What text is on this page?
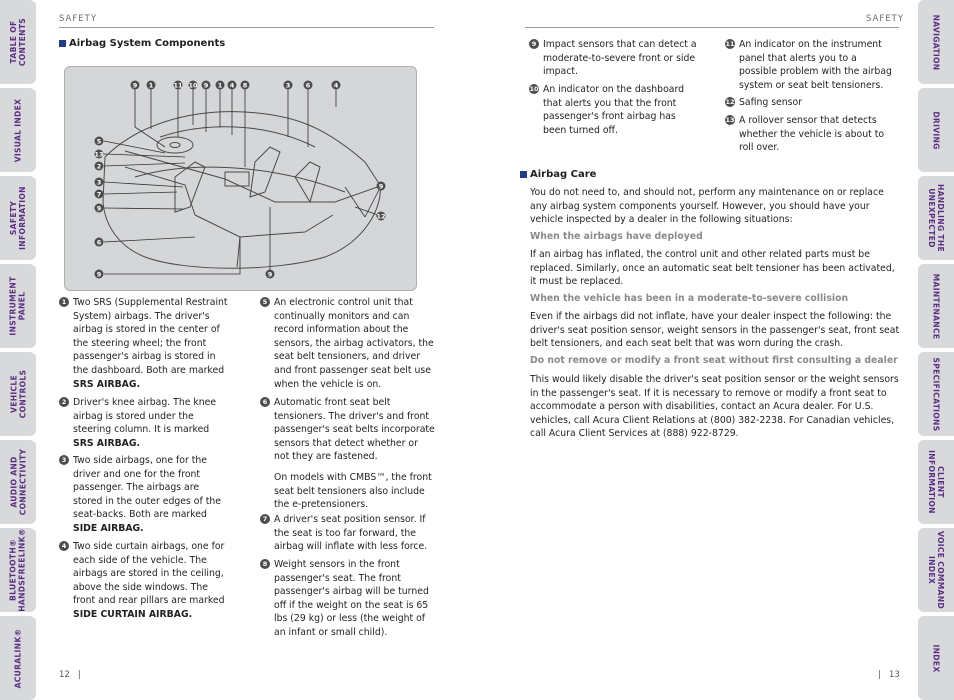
TABLE OF
CONTENTS
VISUAL INDEX
SAFETY
INFORMATION
INSTRUMENT
PANEL
VEHICLE
CONTROLS
AUDIO AND
CONNECTIVITY
BLUETOOTH®
HANDSFREELINK®
ACURALINK®
NAVIGATION
DRIVING
HANDLING THE
UNEXPECTED
MAINTENANCE
SPECIFICATIONS
CLIENT
INFORMATION
VOICE COMMAND
INDEX
INDEX
SAFETY
Airbag System Components
9 1	11 10 9 1 4 8	3 6	4
5
13
2
3
7
9
6
9
9
12
9
1 Two SRS (Supplemental Restraint System) airbags. The driver's airbag is stored in the center of the steering wheel; the front passenger's airbag is stored in the dashboard. Both are marked SRS AIRBAG.
2 Driver's knee airbag. The knee airbag is stored under the steering column. It is marked SRS AIRBAG.
3 Two side airbags, one for the driver and one for the front passenger. The airbags are stored in the outer edges of the seat-backs. Both are marked SIDE AIRBAG.
4 Two side curtain airbags, one for each side of the vehicle. The airbags are stored in the ceiling, above the side windows. The front and rear pillars are marked SIDE CURTAIN AIRBAG.
5 An electronic control unit that continually monitors and can record information about the sensors, the airbag activators, the seat belt tensioners, and driver and front passenger seat belt use when the vehicle is on.
6 Automatic front seat belt tensioners. The driver's and front passenger's seat belts incorporate sensors that detect whether or not they are fastened.
On models with CMBS™, the front seat belt tensioners also include the e-pretensioners.
7 A driver's seat position sensor. If the seat is too far forward, the airbag will inflate with less force.
8 Weight sensors in the front passenger's seat. The front passenger's airbag will be turned off if the weight on the seat is 65 lbs (29 kg) or less (the weight of an infant or small child).
12   |
SAFETY
9 Impact sensors that can detect a moderate-to-severe front or side impact.
10 An indicator on the dashboard that alerts you that the front passenger's front airbag has been turned off.
11 An indicator on the instrument panel that alerts you to a possible problem with the airbag system or seat belt tensioners.
12 Safing sensor
13 A rollover sensor that detects whether the vehicle is about to roll over.
Airbag Care
You do not need to, and should not, perform any maintenance on or replace any airbag system components yourself. However, you should have your vehicle inspected by a dealer in the following situations:
When the airbags have deployed
If an airbag has inflated, the control unit and other related parts must be replaced. Similarly, once an automatic seat belt tensioner has been activated, it must be replaced.
When the vehicle has been in a moderate-to-severe collision
Even if the airbags did not inflate, have your dealer inspect the following: the driver's seat position sensor, weight sensors in the passenger's seat, front seat belt tensioners, and each seat belt that was worn during the crash.
Do not remove or modify a front seat without first consulting a dealer
This would likely disable the driver's seat position sensor or the weight sensors in the passenger's seat. If it is necessary to remove or modify a front seat to accommodate a person with disabilities, contact an Acura dealer. For U.S. vehicles, call Acura Client Relations at (800) 382-2238. For Canadian vehicles, call Acura Client Services at (888) 922-8729.
|   13
